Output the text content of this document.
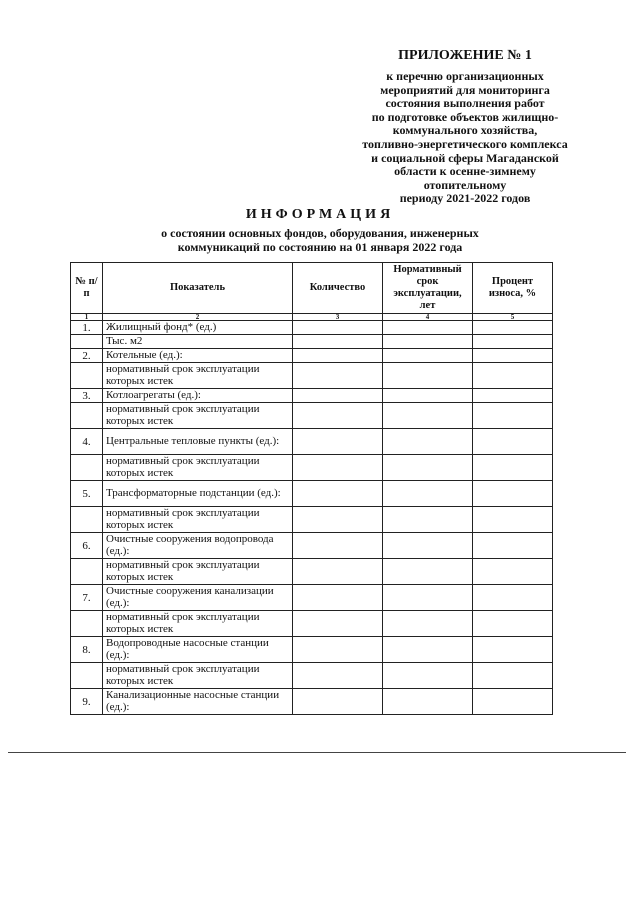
ПРИЛОЖЕНИЕ № 1
к перечню организационных
мероприятий для мониторинга
состояния выполнения работ
по подготовке объектов жилищно-
коммунального хозяйства,
топливно-энергетического комплекса
и социальной сферы Магаданской
области к осенне-зимнему
отопительному
периоду 2021-2022 годов
ИНФОРМАЦИЯ
о состоянии основных фондов, оборудования, инженерных
коммуникаций по состоянию на 01 января 2022 года
№ п/п	Показатель	Количество	Нормативный срок эксплуатации, лет	Процент износа, %
1	2	3	4	5
1.	Жилищный фонд* (ед.)			
	Тыс. м2			
2.	Котельные (ед.):			
	нормативный срок эксплуатации которых истек			
3.	Котлоагрегаты (ед.):			
	нормативный срок эксплуатации которых истек			
4.	Центральные тепловые пункты (ед.):			
	нормативный срок эксплуатации которых истек			
5.	Трансформаторные подстанции (ед.):			
	нормативный срок эксплуатации которых истек			
6.	Очистные сооружения водопровода (ед.):			
	нормативный срок эксплуатации которых истек			
7.	Очистные сооружения канализации (ед.):			
	нормативный срок эксплуатации которых истек			
8.	Водопроводные насосные станции (ед.):			
	нормативный срок эксплуатации которых истек			
9.	Канализационные насосные станции (ед.):			
